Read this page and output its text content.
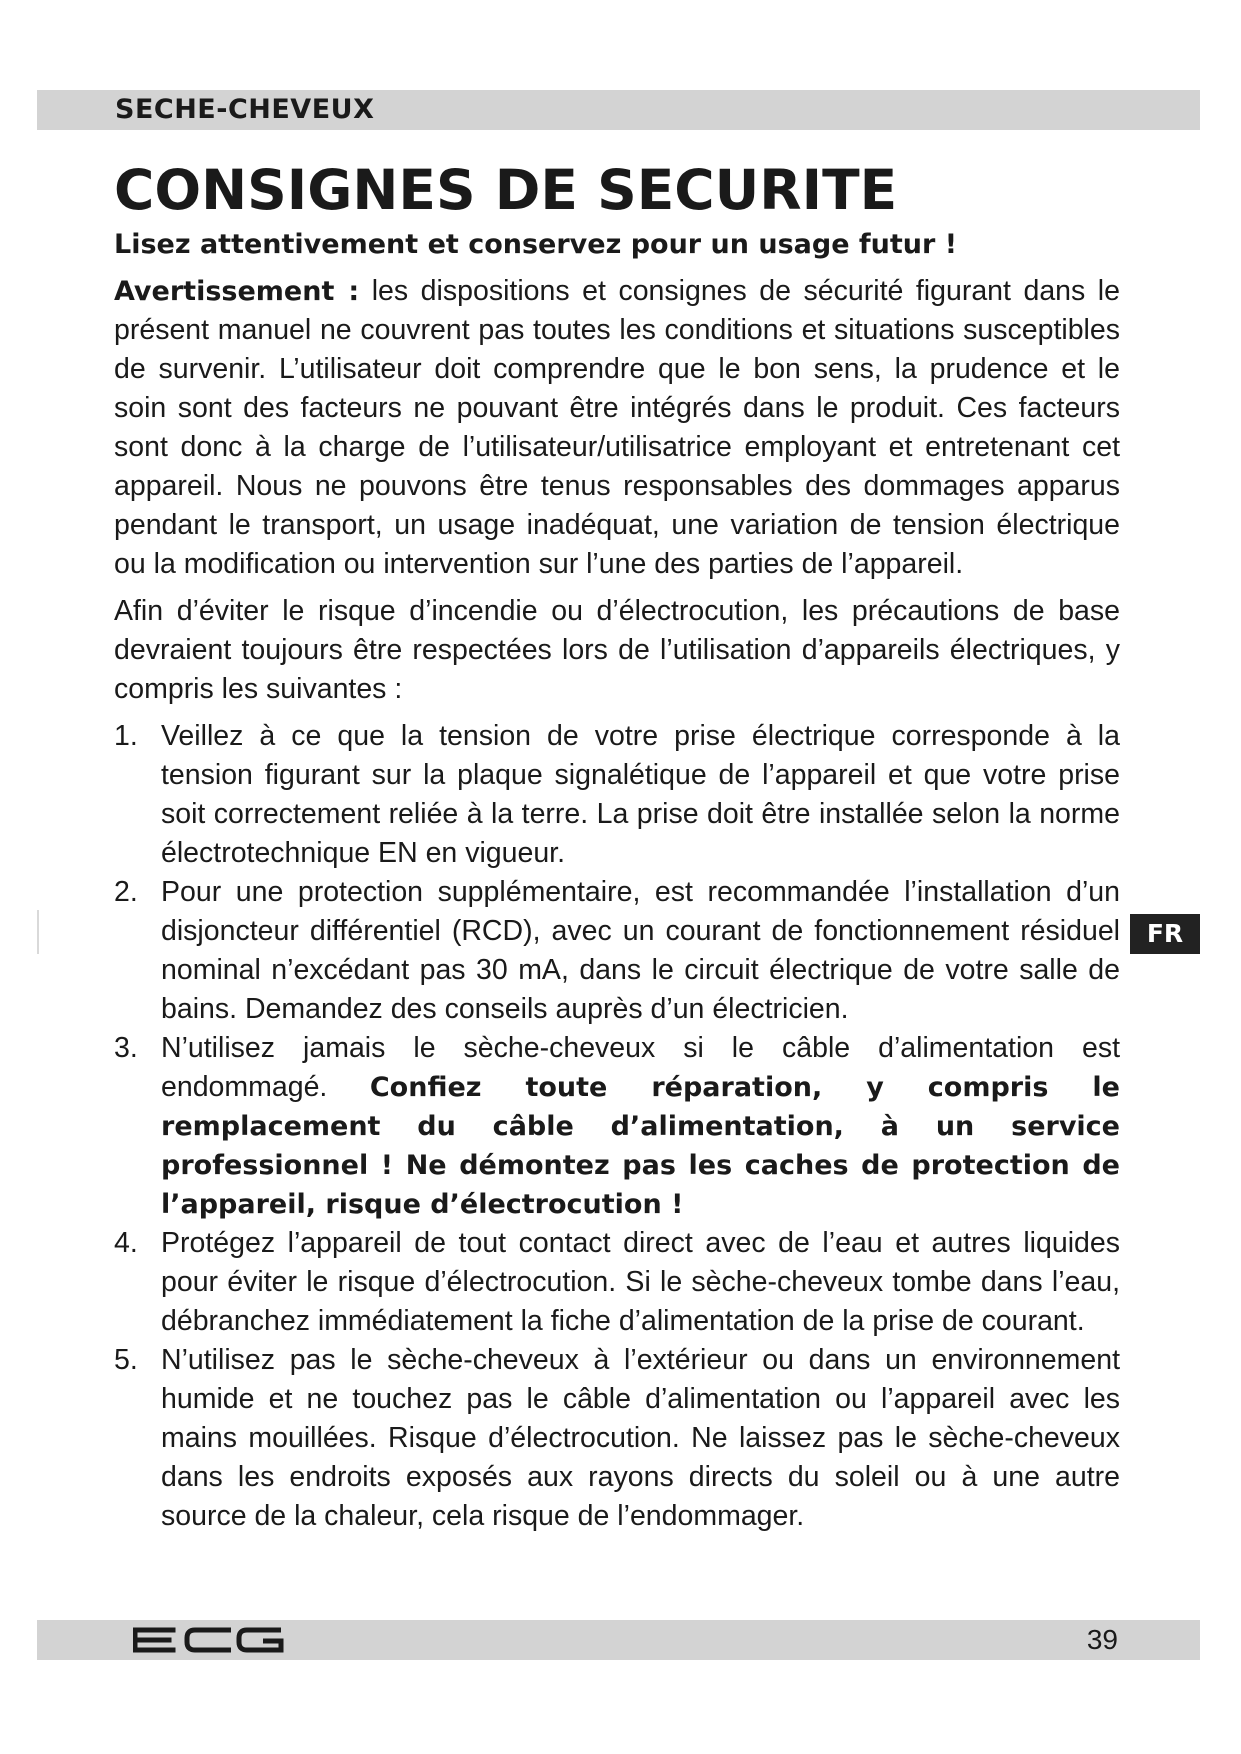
SECHE-CHEVEUX
CONSIGNES DE SECURITE
Lisez attentivement et conservez pour un usage futur !

Avertissement : les dispositions et consignes de sécurité figurant dans le présent manuel ne couvrent pas toutes les conditions et situations susceptibles de survenir. L’utilisateur doit comprendre que le bon sens, la prudence et le soin sont des facteurs ne pouvant être intégrés dans le produit. Ces facteurs sont donc à la charge de l’utilisateur/utilisatrice employant et entretenant cet appareil. Nous ne pouvons être tenus responsables des dommages apparus pendant le transport, un usage inadéquat, une variation de tension électrique ou la modification ou intervention sur l’une des parties de l’appareil.

Afin d’éviter le risque d’incendie ou d’électrocution, les précautions de base devraient toujours être respectées lors de l’utilisation d’appareils électriques, y compris les suivantes :

1. Veillez à ce que la tension de votre prise électrique corresponde à la tension figurant sur la plaque signalétique de l’appareil et que votre prise soit correctement reliée à la terre. La prise doit être installée selon la norme électrotechnique EN en vigueur.
2. Pour une protection supplémentaire, est recommandée l’installation d’un disjoncteur différentiel (RCD), avec un courant de fonctionnement résiduel nominal n’excédant pas 30 mA, dans le circuit électrique de votre salle de bains. Demandez des conseils auprès d’un électricien.
3. N’utilisez jamais le sèche-cheveux si le câble d’alimentation est endommagé. Confiez toute réparation, y compris le remplacement du câble d’alimentation, à un service professionnel ! Ne démontez pas les caches de protection de l’appareil, risque d’électrocution !
4. Protégez l’appareil de tout contact direct avec de l’eau et autres liquides pour éviter le risque d’électrocution. Si le sèche-cheveux tombe dans l’eau, débranchez immédiatement la fiche d’alimentation de la prise de courant.
5. N’utilisez pas le sèche-cheveux à l’extérieur ou dans un environnement humide et ne touchez pas le câble d’alimentation ou l’appareil avec les mains mouillées. Risque d’électrocution. Ne laissez pas le sèche-cheveux dans les endroits exposés aux rayons directs du soleil ou à une autre source de la chaleur, cela risque de l’endommager.
FR
39
